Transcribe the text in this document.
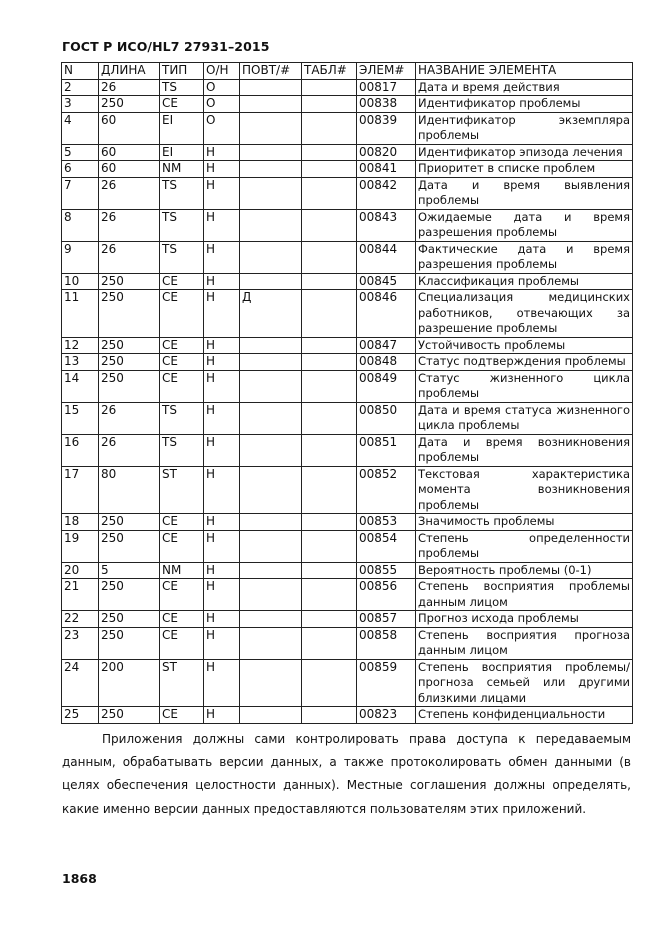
ГОСТ Р ИСО/HL7 27931–2015
N	ДЛИНА	ТИП	О/Н	ПОВТ/#	ТАБЛ#	ЭЛЕМ#	НАЗВАНИЕ ЭЛЕМЕНТА
2	26	TS	О			00817	Дата и время действия
3	250	CE	О			00838	Идентификатор проблемы
4	60	EI	О			00839	Идентификатор экземпляра проблемы
5	60	EI	Н			00820	Идентификатор эпизода лечения
6	60	NM	Н			00841	Приоритет в списке проблем
7	26	TS	Н			00842	Дата и время выявления проблемы
8	26	TS	Н			00843	Ожидаемые дата и время разрешения проблемы
9	26	TS	Н			00844	Фактические дата и время разрешения проблемы
10	250	CE	Н			00845	Классификация проблемы
11	250	CE	Н	Д		00846	Специализация медицинских работников, отвечающих за разрешение проблемы
12	250	CE	Н			00847	Устойчивость проблемы
13	250	CE	Н			00848	Статус подтверждения проблемы
14	250	CE	Н			00849	Статус жизненного цикла проблемы
15	26	TS	Н			00850	Дата и время статуса жизненного цикла проблемы
16	26	TS	Н			00851	Дата и время возникновения проблемы
17	80	ST	Н			00852	Текстовая характеристика момента возникновения проблемы
18	250	CE	Н			00853	Значимость проблемы
19	250	CE	Н			00854	Степень определенности проблемы
20	5	NM	Н			00855	Вероятность проблемы (0-1)
21	250	CE	Н			00856	Степень восприятия проблемы данным лицом
22	250	CE	Н			00857	Прогноз исхода проблемы
23	250	CE	Н			00858	Степень восприятия прогноза данным лицом
24	200	ST	Н			00859	Степень восприятия проблемы/прогноза семьей или другими близкими лицами
25	250	CE	Н			00823	Степень конфиденциальности
Приложения должны сами контролировать права доступа к передаваемым данным, обрабатывать версии данных, а также протоколировать обмен данными (в целях обеспечения целостности данных). Местные соглашения должны определять, какие именно версии данных предоставляются пользователям этих приложений.
1868
